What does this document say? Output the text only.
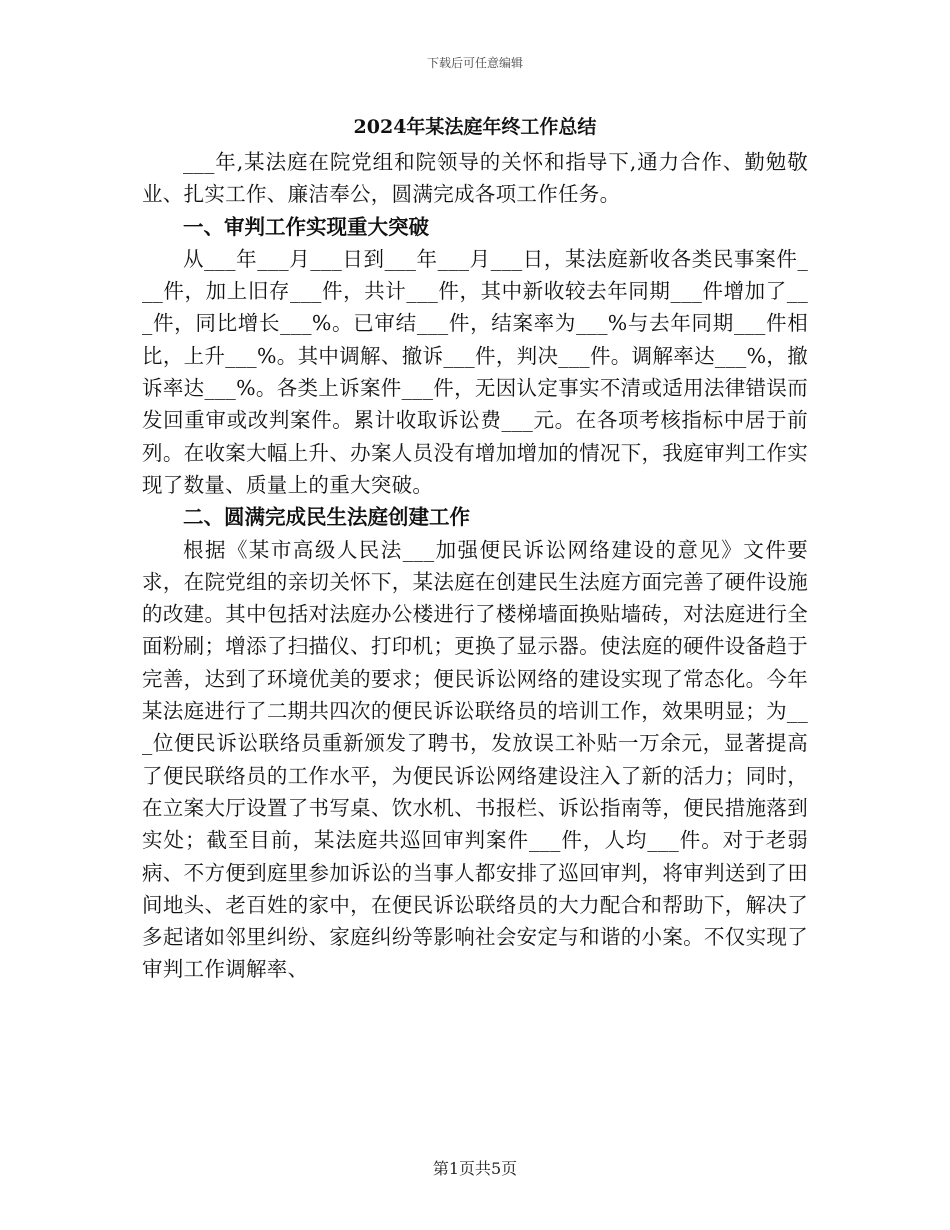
下载后可任意编辑
2024年某法庭年终工作总结

___年,某法庭在院党组和院领导的关怀和指导下,通力合作、勤勉敬业、扎实工作、廉洁奉公，圆满完成各项工作任务。

一、审判工作实现重大突破

从___年___月___日到___年___月___日，某法庭新收各类民事案件___件，加上旧存___件，共计___件，其中新收较去年同期___件增加了___件，同比增长___%。已审结___件，结案率为___%与去年同期___件相比，上升___%。其中调解、撤诉___件，判决___件。调解率达___%，撤诉率达___%。各类上诉案件___件，无因认定事实不清或适用法律错误而发回重审或改判案件。累计收取诉讼费___元。在各项考核指标中居于前列。在收案大幅上升、办案人员没有增加增加的情况下，我庭审判工作实现了数量、质量上的重大突破。

二、圆满完成民生法庭创建工作

根据《某市高级人民法___加强便民诉讼网络建设的意见》文件要求，在院党组的亲切关怀下，某法庭在创建民生法庭方面完善了硬件设施的改建。其中包括对法庭办公楼进行了楼梯墙面换贴墙砖，对法庭进行全面粉刷；增添了扫描仪、打印机；更换了显示器。使法庭的硬件设备趋于完善，达到了环境优美的要求；便民诉讼网络的建设实现了常态化。今年某法庭进行了二期共四次的便民诉讼联络员的培训工作，效果明显；为___位便民诉讼联络员重新颁发了聘书，发放误工补贴一万余元，显著提高了便民联络员的工作水平，为便民诉讼网络建设注入了新的活力；同时，在立案大厅设置了书写桌、饮水机、书报栏、诉讼指南等，便民措施落到实处；截至目前，某法庭共巡回审判案件___件，人均___件。对于老弱病、不方便到庭里参加诉讼的当事人都安排了巡回审判，将审判送到了田间地头、老百姓的家中，在便民诉讼联络员的大力配合和帮助下，解决了多起诸如邻里纠纷、家庭纠纷等影响社会安定与和谐的小案。不仅实现了审判工作调解率、

第1页共5页
